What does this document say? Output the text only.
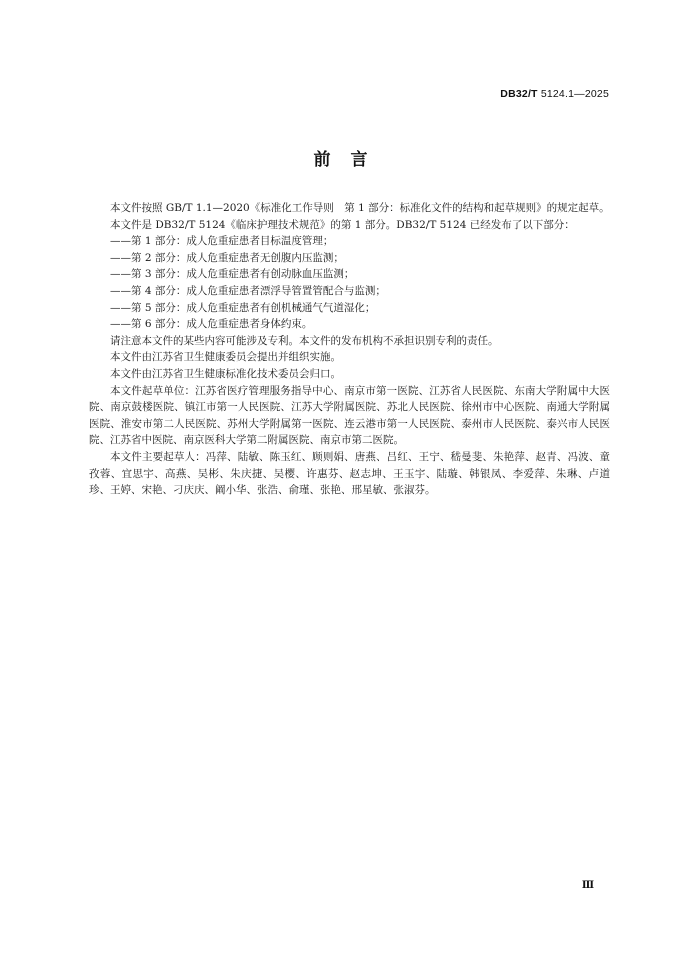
DB32/T 5124.1—2025
前言

本文件按照 GB/T 1.1—2020《标准化工作导则　第 1 部分：标准化文件的结构和起草规则》的规定起草。

本文件是 DB32/T 5124《临床护理技术规范》的第 1 部分。DB32/T 5124 已经发布了以下部分：

——第 1 部分：成人危重症患者目标温度管理；

——第 2 部分：成人危重症患者无创腹内压监测；

——第 3 部分：成人危重症患者有创动脉血压监测；

——第 4 部分：成人危重症患者漂浮导管置管配合与监测；

——第 5 部分：成人危重症患者有创机械通气气道湿化；

——第 6 部分：成人危重症患者身体约束。

请注意本文件的某些内容可能涉及专利。本文件的发布机构不承担识别专利的责任。

本文件由江苏省卫生健康委员会提出并组织实施。

本文件由江苏省卫生健康标准化技术委员会归口。

本文件起草单位：江苏省医疗管理服务指导中心、南京市第一医院、江苏省人民医院、东南大学附属中大医院、南京鼓楼医院、镇江市第一人民医院、江苏大学附属医院、苏北人民医院、徐州市中心医院、南通大学附属医院、淮安市第二人民医院、苏州大学附属第一医院、连云港市第一人民医院、泰州市人民医院、泰兴市人民医院、江苏省中医院、南京医科大学第二附属医院、南京市第二医院。

本文件主要起草人：冯萍、陆敏、陈玉红、顾则娟、唐燕、吕红、王宁、嵇曼斐、朱艳萍、赵青、冯波、童孜蓉、宜思宇、高燕、吴彬、朱庆捷、吴樱、许惠芬、赵志坤、王玉宇、陆璇、韩银凤、李爱萍、朱琳、卢道珍、王婷、宋艳、刁庆庆、阚小华、张浩、俞瑾、张艳、邢星敏、张淑芬。

Ⅲ
